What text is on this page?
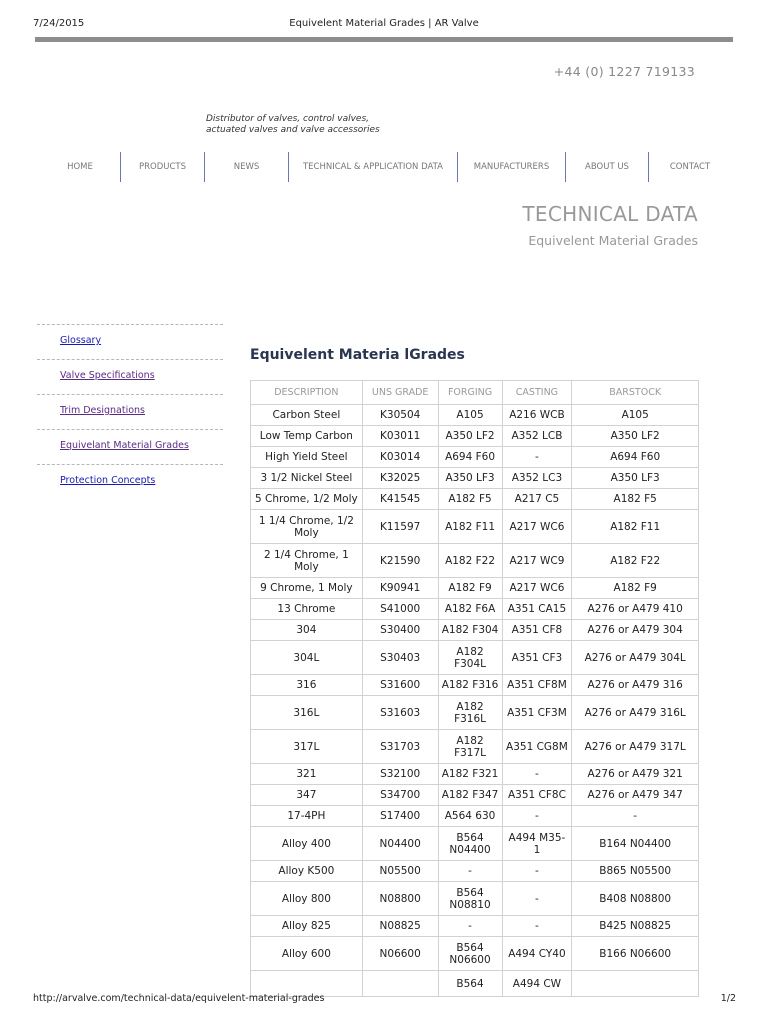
7/24/2015	Equivelent Material Grades | AR Valve
+44 (0) 1227 719133
Distributor of valves, control valves,
actuated valves and valve accessories
HOME	PRODUCTS	NEWS	TECHNICAL & APPLICATION DATA	MANUFACTURERS	ABOUT US	CONTACT
TECHNICAL DATA
Equivelent Material Grades
Glossary
Valve Specifications
Trim Designations
Equivelant Material Grades
Protection Concepts
Equivelent Materia lGrades
DESCRIPTION	UNS GRADE	FORGING	CASTING	BARSTOCK
Carbon Steel	K30504	A105	A216 WCB	A105
Low Temp Carbon	K03011	A350 LF2	A352 LCB	A350 LF2
High Yield Steel	K03014	A694 F60	-	A694 F60
3 1/2 Nickel Steel	K32025	A350 LF3	A352 LC3	A350 LF3
5 Chrome, 1/2 Moly	K41545	A182 F5	A217 C5	A182 F5
1 1/4 Chrome, 1/2 Moly	K11597	A182 F11	A217 WC6	A182 F11
2 1/4 Chrome, 1 Moly	K21590	A182 F22	A217 WC9	A182 F22
9 Chrome, 1 Moly	K90941	A182 F9	A217 WC6	A182 F9
13 Chrome	S41000	A182 F6A	A351 CA15	A276 or A479 410
304	S30400	A182 F304	A351 CF8	A276 or A479 304
304L	S30403	A182 F304L	A351 CF3	A276 or A479 304L
316	S31600	A182 F316	A351 CF8M	A276 or A479 316
316L	S31603	A182 F316L	A351 CF3M	A276 or A479 316L
317L	S31703	A182 F317L	A351 CG8M	A276 or A479 317L
321	S32100	A182 F321	-	A276 or A479 321
347	S34700	A182 F347	A351 CF8C	A276 or A479 347
17-4PH	S17400	A564 630	-	-
Alloy 400	N04400	B564 N04400	A494 M35-1	B164 N04400
Alloy K500	N05500	-	-	B865 N05500
Alloy 800	N08800	B564 N08810	-	B408 N08800
Alloy 825	N08825	-	-	B425 N08825
Alloy 600	N06600	B564 N06600	A494 CY40	B166 N06600
		B564	A494 CW	
http://arvalve.com/technical-data/equivelent-material-grades	1/2
